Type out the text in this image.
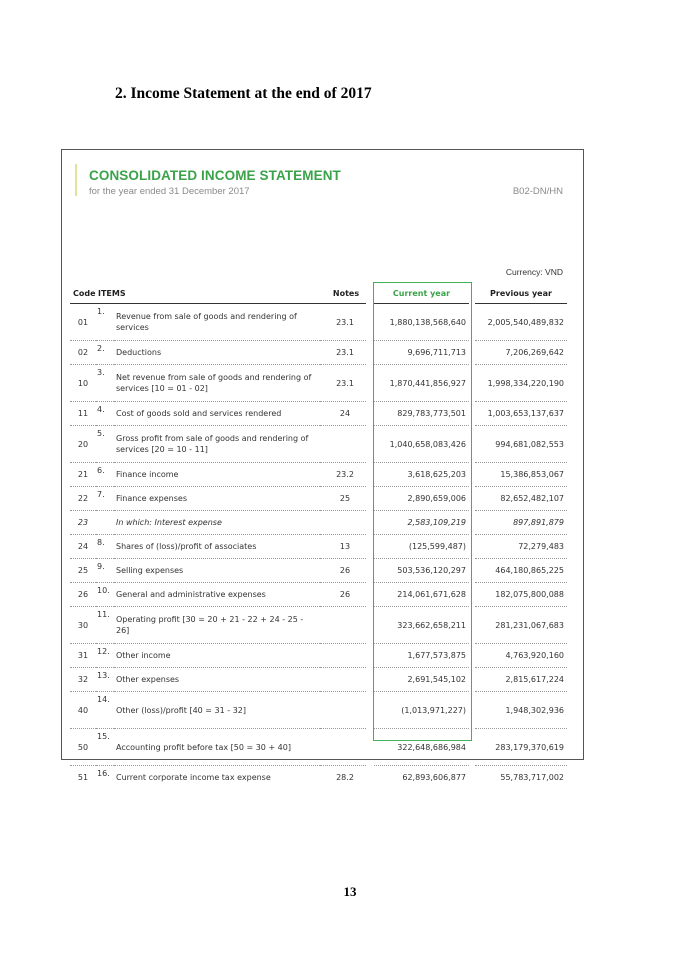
2. Income Statement at the end of 2017
CONSOLIDATED INCOME STATEMENT
for the year ended 31 December 2017	B02-DN/HN
Currency: VND
Code	ITEMS		Notes		Current year		Previous year
01	1.	Revenue from sale of goods and rendering of services	23.1		1,880,138,568,640		2,005,540,489,832
02	2.	Deductions	23.1		9,696,711,713		7,206,269,642
10	3.	Net revenue from sale of goods and rendering of services [10 = 01 - 02]	23.1		1,870,441,856,927		1,998,334,220,190
11	4.	Cost of goods sold and services rendered	24		829,783,773,501		1,003,653,137,637
20	5.	Gross profit from sale of goods and rendering of services [20 = 10 - 11]			1,040,658,083,426		994,681,082,553
21	6.	Finance income	23.2		3,618,625,203		15,386,853,067
22	7.	Finance expenses	25		2,890,659,006		82,652,482,107
23		In which: Interest expense			2,583,109,219		897,891,879
24	8.	Shares of (loss)/profit of associates	13		(125,599,487)		72,279,483
25	9.	Selling expenses	26		503,536,120,297		464,180,865,225
26	10.	General and administrative expenses	26		214,061,671,628		182,075,800,088
30	11.	Operating profit [30 = 20 + 21 - 22 + 24 - 25 - 26]			323,662,658,211		281,231,067,683
31	12.	Other income			1,677,573,875		4,763,920,160
32	13.	Other expenses			2,691,545,102		2,815,617,224
40	14.	Other (loss)/profit [40 = 31 - 32]			(1,013,971,227)		1,948,302,936
50	15.	Accounting profit before tax [50 = 30 + 40]			322,648,686,984		283,179,370,619
51	16.	Current corporate income tax expense	28.2		62,893,606,877		55,783,717,002
13
